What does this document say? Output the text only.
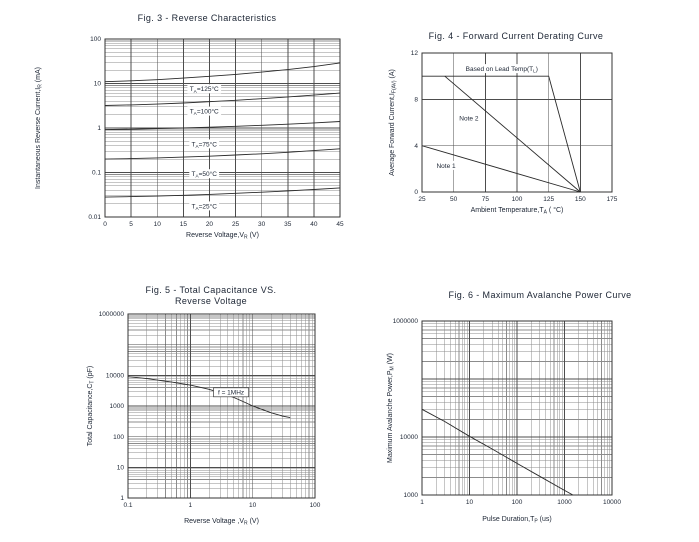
Fig. 3 - Reverse Characteristics
Fig. 4 - Forward Current Derating Curve
Fig. 5 - Total Capacitance VS.
Reverse Voltage
Fig. 6 - Maximum Avalanche Power Curve
$T_A=125^\circ C$
$T_A=100^\circ C$
$T_A=75^\circ C$
$T_A=50^\circ C$
$T_A=25^\circ C$
0	5	10	15	20	25	30	35	40	45
100
10
1
0.1
0.01
Reverse $Voltage,V_R$ (V)
Instantaneous Reverse $Current,I_R$ (mA)	Based on Lead $Temp(T_L)$
Note 2
Note 1
25	50	75	100	125	150	175
0
4
8
12
Ambient $Temperature,T_A$ ( °C)
Average Forward $Current,I_{F(AV)}$ (A)
f = 1MHz
0.1	1	10	100
1000000
10000
1000
100
10
1
Reverse Voltage $,V_R$ (V)
Total $Capacitance,C_T$ (pF)
1	10	100	1000	10000
1000000
10000
1000
Pulse $Duration,T_P$ (us)
Maximum Avalanche $Power,P_M$ (W)
